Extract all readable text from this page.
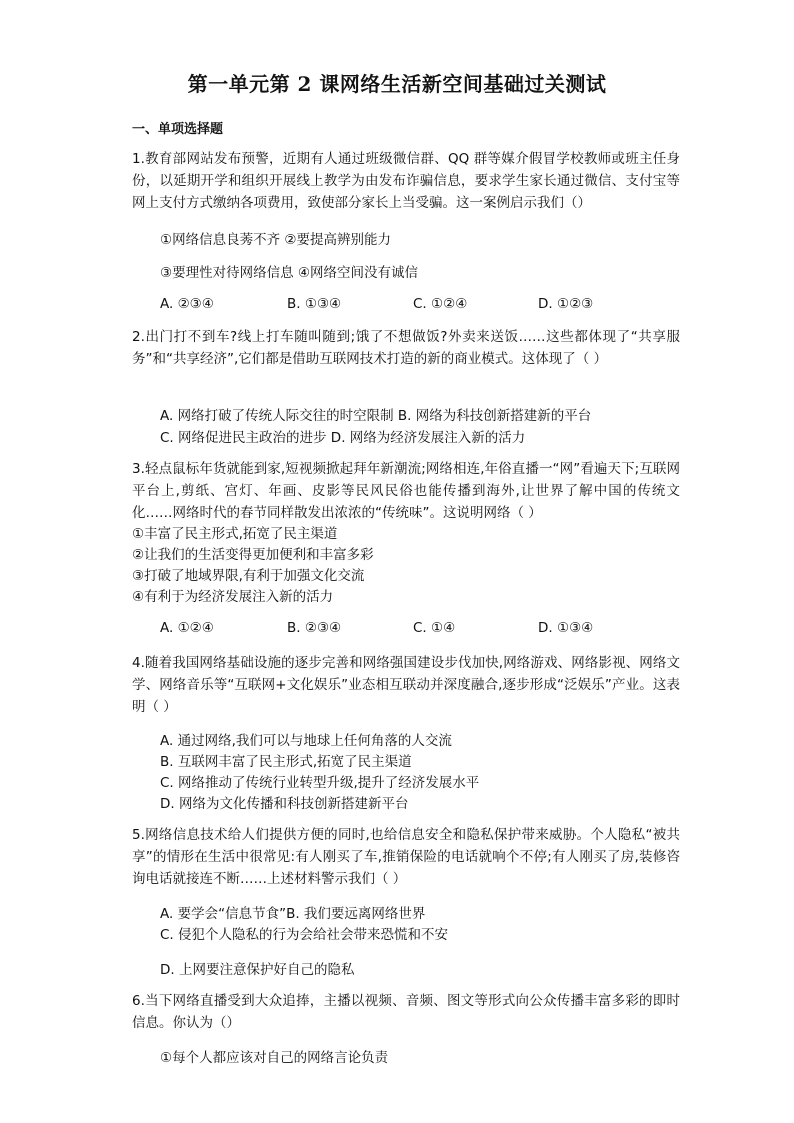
第一单元第 2 课网络生活新空间基础过关测试
一、单项选择题
1.教育部网站发布预警，近期有人通过班级微信群、QQ 群等媒介假冒学校教师或班主任身份，以延期开学和组织开展线上教学为由发布诈骗信息，要求学生家长通过微信、支付宝等网上支付方式缴纳各项费用，致使部分家长上当受骗。这一案例启示我们（）
①网络信息良莠不齐 ②要提高辨别能力
③要理性对待网络信息 ④网络空间没有诚信
A. ②③④	B. ①③④	C. ①②④	D. ①②③
2.出门打不到车?线上打车随叫随到;饿了不想做饭?外卖来送饭……这些都体现了“共享服务”和“共享经济”,它们都是借助互联网技术打造的新的商业模式。这体现了（ ）
A. 网络打破了传统人际交往的时空限制 B. 网络为科技创新搭建新的平台
C. 网络促进民主政治的进步 D. 网络为经济发展注入新的活力
3.轻点鼠标年货就能到家,短视频掀起拜年新潮流;网络相连,年俗直播一“网”看遍天下;互联网平台上,剪纸、宫灯、年画、皮影等民风民俗也能传播到海外,让世界了解中国的传统文化……网络时代的春节同样散发出浓浓的“传统味”。这说明网络（ ）
①丰富了民主形式,拓宽了民主渠道
②让我们的生活变得更加便利和丰富多彩
③打破了地域界限,有利于加强文化交流
④有利于为经济发展注入新的活力
A. ①②④	B. ②③④	C. ①④	D. ①③④
4.随着我国网络基础设施的逐步完善和网络强国建设步伐加快,网络游戏、网络影视、网络文学、网络音乐等“互联网+文化娱乐”业态相互联动并深度融合,逐步形成“泛娱乐”产业。这表明（ ）
A. 通过网络,我们可以与地球上任何角落的人交流
B. 互联网丰富了民主形式,拓宽了民主渠道
C. 网络推动了传统行业转型升级,提升了经济发展水平
D. 网络为文化传播和科技创新搭建新平台
5.网络信息技术给人们提供方便的同时,也给信息安全和隐私保护带来威胁。个人隐私“被共享”的情形在生活中很常见:有人刚买了车,推销保险的电话就响个不停;有人刚买了房,装修咨询电话就接连不断……上述材料警示我们（ ）
A. 要学会“信息节食”B. 我们要远离网络世界
C. 侵犯个人隐私的行为会给社会带来恐慌和不安
D. 上网要注意保护好自己的隐私
6.当下网络直播受到大众追捧，主播以视频、音频、图文等形式向公众传播丰富多彩的即时信息。你认为（）
①每个人都应该对自己的网络言论负责
